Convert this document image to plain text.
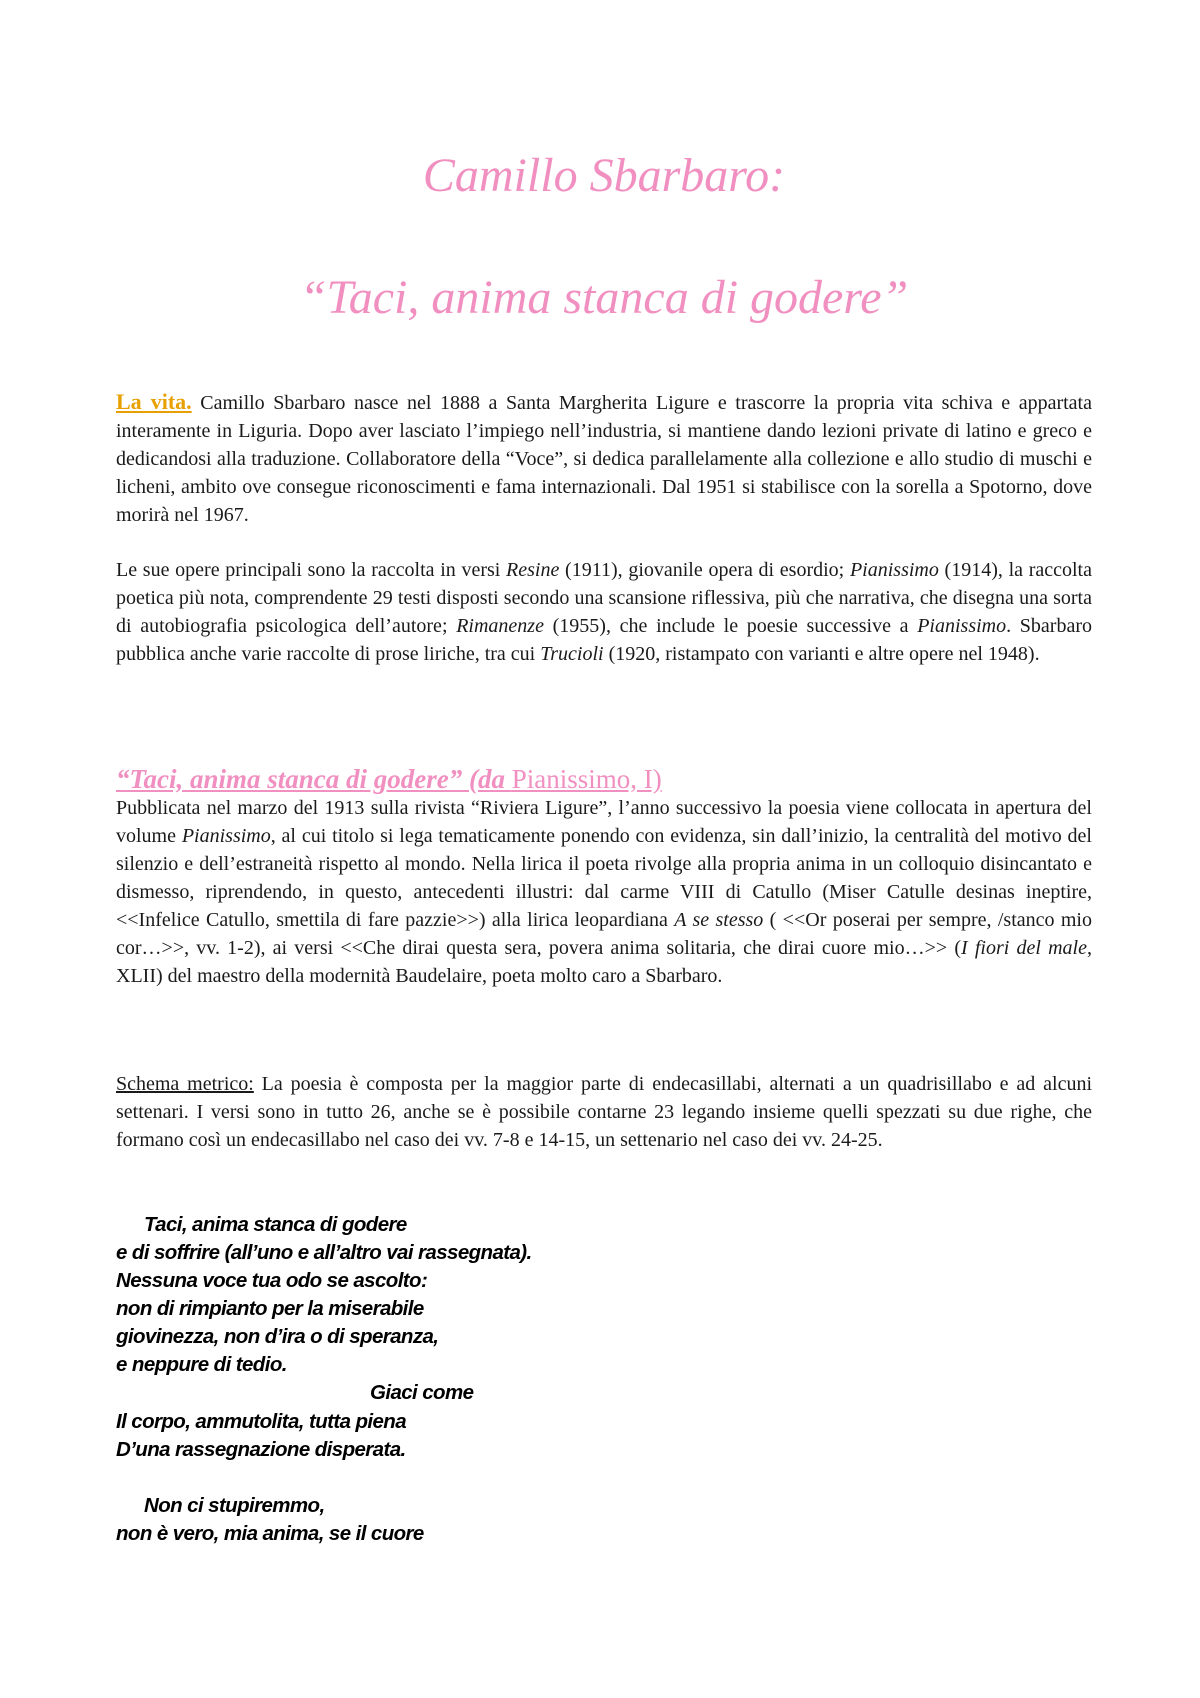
Camillo Sbarbaro:
“Taci, anima stanca di godere”

La vita. Camillo Sbarbaro nasce nel 1888 a Santa Margherita Ligure e trascorre la propria vita schiva e appartata interamente in Liguria. Dopo aver lasciato l’impiego nell’industria, si mantiene dando lezioni private di latino e greco e dedicandosi alla traduzione. Collaboratore della “Voce”, si dedica parallelamente alla collezione e allo studio di muschi e licheni, ambito ove consegue riconoscimenti e fama internazionali. Dal 1951 si stabilisce con la sorella a Spotorno, dove morirà nel 1967.

Le sue opere principali sono la raccolta in versi Resine (1911), giovanile opera di esordio; Pianissimo (1914), la raccolta poetica più nota, comprendente 29 testi disposti secondo una scansione riflessiva, più che narrativa, che disegna una sorta di autobiografia psicologica dell’autore; Rimanenze (1955), che include le poesie successive a Pianissimo. Sbarbaro pubblica anche varie raccolte di prose liriche, tra cui Trucioli (1920, ristampato con varianti e altre opere nel 1948).

“Taci, anima stanca di godere” (da Pianissimo, I)

Pubblicata nel marzo del 1913 sulla rivista “Riviera Ligure”, l’anno successivo la poesia viene collocata in apertura del volume Pianissimo, al cui titolo si lega tematicamente ponendo con evidenza, sin dall’inizio, la centralità del motivo del silenzio e dell’estraneità rispetto al mondo. Nella lirica il poeta rivolge alla propria anima in un colloquio disincantato e dismesso, riprendendo, in questo, antecedenti illustri: dal carme VIII di Catullo (Miser Catulle desinas ineptire, <<Infelice Catullo, smettila di fare pazzie>>) alla lirica leopardiana A se stesso ( <<Or poserai per sempre, /stanco mio cor…>>, vv. 1-2), ai versi <<Che dirai questa sera, povera anima solitaria, che dirai cuore mio…>> (I fiori del male, XLII) del maestro della modernità Baudelaire, poeta molto caro a Sbarbaro.

Schema metrico: La poesia è composta per la maggior parte di endecasillabi, alternati a un quadrisillabo e ad alcuni settenari. I versi sono in tutto 26, anche se è possibile contarne 23 legando insieme quelli spezzati su due righe, che formano così un endecasillabo nel caso dei vv. 7-8 e 14-15, un settenario nel caso dei vv. 24-25.

Taci, anima stanca di godere
e di soffrire (all’uno e all’altro vai rassegnata).
Nessuna voce tua odo se ascolto:
non di rimpianto per la miserabile
giovinezza, non d’ira o di speranza,
e neppure di tedio.
Giaci come
Il corpo, ammutolita, tutta piena
D’una rassegnazione disperata.
Non ci stupiremmo,
non è vero, mia anima, se il cuore
